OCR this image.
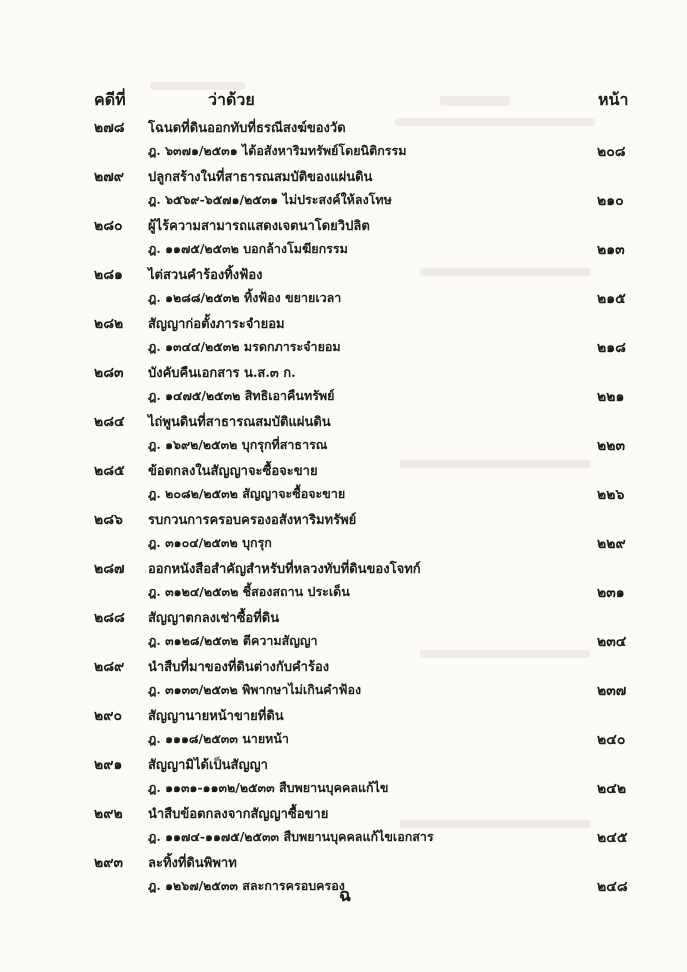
คดีที่	ว่าด้วย	หน้า
๒๗๘ โฉนดที่ดินออกทับที่ธรณีสงฆ์ของวัด
ฎ. ๖๓๗๑/๒๕๓๑ ได้อสังหาริมทรัพย์โดยนิติกรรม	๒๐๘
๒๗๙ ปลูกสร้างในที่สาธารณสมบัติของแผ่นดิน
ฎ. ๖๕๖๙-๖๕๗๑/๒๕๓๑ ไม่ประสงค์ให้ลงโทษ	๒๑๐
๒๘๐ ผู้ไร้ความสามารถแสดงเจตนาโดยวิปลิต
ฎ. ๑๑๗๕/๒๕๓๒ บอกล้างโมฆียกรรม	๒๑๓
๒๘๑ ไต่สวนคำร้องทิ้งฟ้อง
ฎ. ๑๒๘๘/๒๕๓๒ ทิ้งฟ้อง ขยายเวลา	๒๑๕
๒๘๒ สัญญาก่อตั้งภาระจำยอม
ฎ. ๑๓๔๔/๒๕๓๒ มรดกภาระจำยอม	๒๑๘
๒๘๓ บังคับคืนเอกสาร น.ส.๓ ก.
ฎ. ๑๔๗๕/๒๕๓๒ สิทธิเอาคืนทรัพย์	๒๒๑
๒๘๔ ไถ่พูนดินที่สาธารณสมบัติแผ่นดิน
ฎ. ๑๖๙๒/๒๕๓๒ บุกรุกที่สาธารณ	๒๒๓
๒๘๕ ข้อตกลงในสัญญาจะซื้อจะขาย
ฎ. ๒๐๘๒/๒๕๓๒ สัญญาจะซื้อจะขาย	๒๒๖
๒๘๖ รบกวนการครอบครองอสังหาริมทรัพย์
ฎ. ๓๑๐๔/๒๕๓๒ บุกรุก	๒๒๙
๒๘๗ ออกหนังสือสำคัญสำหรับที่หลวงทับที่ดินของโจทก์
ฎ. ๓๑๒๔/๒๕๓๒ ชี้สองสถาน ประเด็น	๒๓๑
๒๘๘ สัญญาตกลงเช่าซื้อที่ดิน
ฎ. ๓๑๒๘/๒๕๓๒ ตีความสัญญา	๒๓๔
๒๘๙ นำสืบที่มาของที่ดินต่างกับคำร้อง
ฎ. ๓๑๓๓/๒๕๓๒ พิพากษาไม่เกินคำฟ้อง	๒๓๗
๒๙๐ สัญญานายหน้าขายที่ดิน
ฎ. ๑๑๑๘/๒๕๓๓ นายหน้า	๒๔๐
๒๙๑ สัญญามิได้เป็นสัญญา
ฎ. ๑๑๓๑-๑๑๓๒/๒๕๓๓ สืบพยานบุคคลแก้ไข	๒๔๒
๒๙๒ นำสืบข้อตกลงจากสัญญาซื้อขาย
ฎ. ๑๑๗๔-๑๑๗๕/๒๕๓๓ สืบพยานบุคคลแก้ไขเอกสาร	๒๔๕
๒๙๓ ละทิ้งที่ดินพิพาท
ฎ. ๑๒๖๗/๒๕๓๓ สละการครอบครอง	๒๔๘
ฉ
